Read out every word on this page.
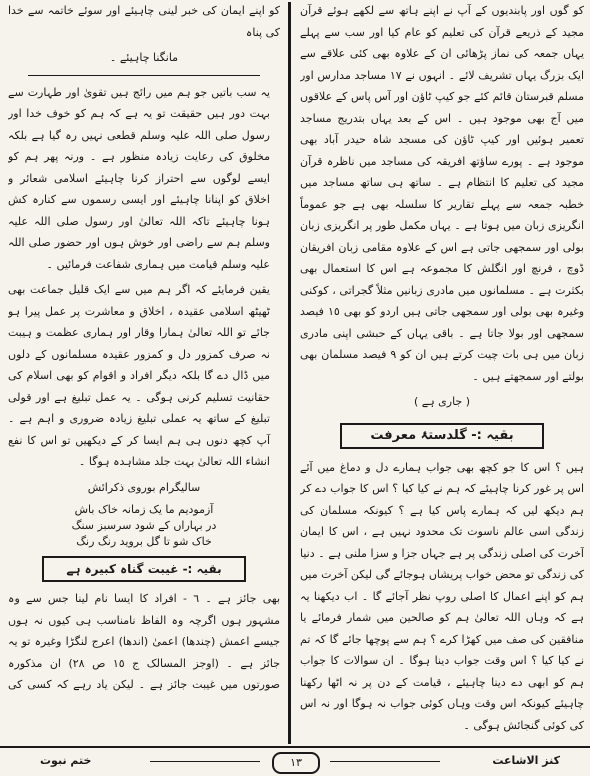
کو اپنے ایمان کی خبر لینی چاہیئے اور سوئے خاتمہ سے خدا کی پناہ

مانگنا چاہیئے ۔

یہ سب باتیں جو ہم میں رائج ہیں تقویٰ اور طہارت سے بہت دور ہیں حقیقت تو یہ ہے کہ ہم کو خوف خدا اور رسول صلی اللہ علیہ وسلم قطعی نہیں رہ گیا ہے بلکہ مخلوق کی رعایت زیادہ منظور ہے ۔ ورنہ پھر ہم کو ایسے لوگوں سے احتراز کرنا چاہیئے اسلامی شعائر و اخلاق کو اپنانا چاہیئے اور ایسی رسموں سے کنارہ کش ہونا چاہیئے تاکہ اللہ تعالیٰ اور رسول صلی اللہ علیہ وسلم ہم سے راضی اور خوش ہوں اور حضور صلی اللہ علیہ وسلم قیامت میں ہماری شفاعت فرمائیں ۔

یقین فرمایئے کہ اگر ہم میں سے ایک قلیل جماعت بھی ٹھیٹھ اسلامی عقیدہ ، اخلاق و معاشرت پر عمل پیرا ہو جائے تو اللہ تعالیٰ ہمارا وقار اور ہماری عظمت و ہیبت نہ صرف کمزور دل و کمزور عقیدہ مسلمانوں کے دلوں میں ڈال دے گا بلکہ دیگر افراد و اقوام کو بھی اسلام کی حقانیت تسلیم کرنی ہوگی ۔ یہ عمل تبلیغ ہے اور قولی تبلیغ کے ساتھ یہ عملی تبلیغ زیادہ ضروری و اہم ہے ۔ آپ کچھ دنوں ہی ہم ایسا کر کے دیکھیں تو اس کا نفع انشاء اللہ تعالیٰ بہت جلد مشاہدہ ہوگا ۔

سالیگرام بوروی ذکرائش

آزمودیم ما یک زمانہ خاک باش
در بہاراں کے شود سرسبز سنگ
خاک شو تا گل بروید رنگ رنگ
بقیہ :- غیبت گناہ کبیرہ ہے

بھی جائز ہے ۔ ٦ - افراد کا ایسا نام لینا جس سے وہ مشہور ہوں اگرچہ وہ الفاظ نامناسب ہی کیوں نہ ہوں جیسے اعمش (چندھا) اعمیٰ (اندھا) اعرج لنگڑا وغیرہ تو یہ جائز ہے ۔ (اوجز المسالک ج ١٥ ص ٢٨) ان مذکورہ صورتوں میں غیبت جائز ہے ۔ لیکن یاد رہے کہ کسی کی

کو گوں اور پابندیوں کے آپ نے اپنے ہاتھ سے لکھے ہوئے قرآن مجید کے ذریعے قرآن کی تعلیم کو عام کیا اور سب سے پہلے یہاں جمعہ کی نماز پڑھائی ان کے علاوہ بھی کئی علاقے سے ایک بزرگ یہاں تشریف لائے ۔ انہوں نے ١٧ مساجد مدارس اور مسلم قبرستان قائم کئے جو کیپ ٹاؤن اور آس پاس کے علاقوں میں آج بھی موجود ہیں ۔ اس کے بعد یہاں بتدریج مساجد تعمیر ہوئیں اور کیپ ٹاؤن کی مسجد شاہ حیدر آباد بھی موجود ہے ۔ پورے ساؤتھ افریقہ کی مساجد میں ناظرہ قرآن مجید کی تعلیم کا انتظام ہے ۔ ساتھ ہی ساتھ مساجد میں خطبہ جمعہ سے پہلے تقاریر کا سلسلہ بھی ہے جو عموماً انگریزی زبان میں ہوتا ہے ۔ یہاں مکمل طور پر انگریزی زبان بولی اور سمجھی جاتی ہے اس کے علاوہ مقامی زبان افریقان ڈوچ ، فرنچ اور انگلش کا مجموعہ ہے اس کا استعمال بھی بکثرت ہے ۔ مسلمانوں میں مادری زبانیں مثلاً گجراتی ، کوکنی وغیرہ بھی بولی اور سمجھی جاتی ہیں اردو کو بھی ١٥ فیصد سمجھی اور بولا جاتا ہے ۔ باقی یہاں کے حبشی اپنی مادری زبان میں ہی بات چیت کرتے ہیں ان کو ٩ فیصد مسلمان بھی بولتے اور سمجھتے ہیں ۔

( جاری ہے )

بقیہ :- گلدستۂ معرفت

ہیں ؟ اس کا جو کچھ بھی جواب ہمارے دل و دماغ میں آئے اس پر غور کرنا چاہیئے کہ ہم نے کیا کیا ؟ اس کا جواب دے کر ہم دیکھ لیں کہ ہمارے پاس کیا ہے ؟ کیونکہ مسلمان کی زندگی اسی عالم ناسوت تک محدود نہیں ہے ، اس کا ایمان آخرت کی اصلی زندگی پر ہے جہاں جزا و سزا ملنی ہے ۔ دنیا کی زندگی تو محض خواب پریشاں ہوجائے گی لیکن آخرت میں ہم کو اپنے اعمال کا اصلی روپ نظر آجائے گا ۔ اب دیکھنا یہ ہے کہ وہاں اللہ تعالیٰ ہم کو صالحین میں شمار فرمائے یا منافقین کی صف میں کھڑا کرے ؟ ہم سے پوچھا جائے گا کہ تم نے کیا کیا ؟ اس وقت جواب دینا ہوگا ۔ ان سوالات کا جواب ہم کو ابھی دے دینا چاہیئے ، قیامت کے دن پر نہ اٹھا رکھنا چاہیئے کیونکہ اس وقت وہاں کوئی جواب نہ ہوگا اور نہ اس کی کوئی گنجائش ہوگی ۔

کنز الاشاعت
١٣
ختم نبوت
